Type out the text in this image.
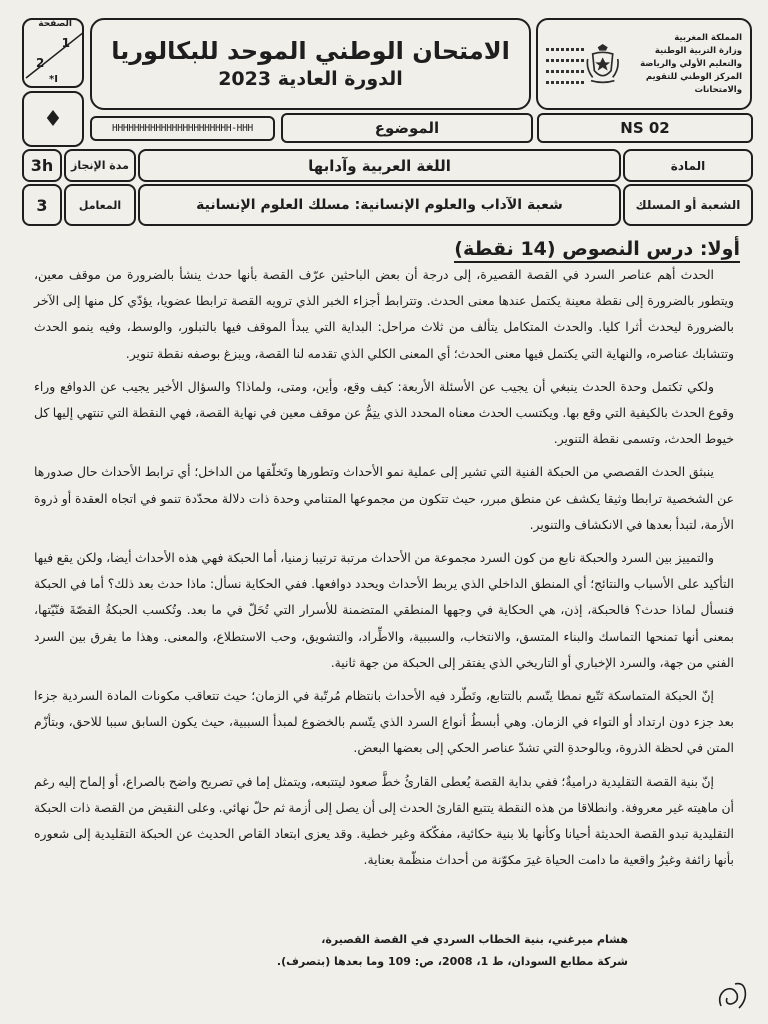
الصفحة
1
2
*I
♦
الامتحان الوطني الموحد للبكالوريا
الدورة العادية 2023
المملكة المغربية
وزارة التربية الوطنية
والتعليم الأولي والرياضة
المركز الوطني للتقويم والامتحانات
HHHHHHHHHHHHHHHHHHHHHH-HHH	الموضوع	NS 02
3h	مدة الإنجاز	اللغة العربية وآدابها	المادة
3	المعامل	شعبة الآداب والعلوم الإنسانية: مسلك العلوم الإنسانية	الشعبة أو المسلك
أولا: درس النصوص (14 نقطة)

الحدث أهم عناصر السرد في القصة القصيرة، إلى درجة أن بعض الباحثين عرّف القصة بأنها حدث ينشأ بالضرورة من موقف معين، ويتطور بالضرورة إلى نقطة معينة يكتمل عندها معنى الحدث. وتترابط أجزاء الخبر الذي ترويه القصة ترابطا عضويا، يؤدّي كل منها إلى الآخر بالضرورة ليحدث أثرا كليا. والحدث المتكامل يتألف من ثلاث مراحل: البداية التي يبدأ الموقف فيها بالتبلور، والوسط، وفيه ينمو الحدث وتتشابك عناصره، والنهاية التي يكتمل فيها معنى الحدث؛ أي المعنى الكلي الذي تقدمه لنا القصة، ويبزغ بوصفه نقطة تنوير.

ولكي تكتمل وحدة الحدث ينبغي أن يجيب عن الأسئلة الأربعة: كيف وقع، وأين، ومتى، ولماذا؟ والسؤال الأخير يجيب عن الدوافع وراء وقوع الحدث بالكيفية التي وقع بها. ويكتسب الحدث معناه المحدد الذي يتِمُّ عن موقف معين في نهاية القصة، فهي النقطة التي تنتهي إليها كل خيوط الحدث، وتسمى نقطة التنوير.

ينبثق الحدث القصصي من الحبكة الفنية التي تشير إلى عملية نمو الأحداث وتطورها وتَخلّقها من الداخل؛ أي ترابط الأحداث حال صدورها عن الشخصية ترابطا وثيقا يكشف عن منطق مبرر، حيث تتكون من مجموعها المتنامي وحدة ذات دلالة محدّدة تنمو في اتجاه العقدة أو ذروة الأزمة، لتبدأ بعدها في الانكشاف والتنوير.

والتمييز بين السرد والحبكة نابع من كون السرد مجموعة من الأحداث مرتبة ترتيبا زمنيا، أما الحبكة فهي هذه الأحداث أيضا، ولكن يقع فيها التأكيد على الأسباب والنتائج؛ أي المنطق الداخلي الذي يربط الأحداث ويحدد دوافعها. ففي الحكاية نسأل: ماذا حدث بعد ذلك؟ أما في الحبكة فنسأل لماذا حدث؟ فالحبكة، إذن، هي الحكاية في وجهها المنطقي المتضمنة للأسرار التي تُحَلّ في ما بعد. وتُكسب الحبكةُ القصّةَ فنّيّتها، بمعنى أنها تمنحها التماسك والبناء المتسق، والانتخاب، والسببية، والاطِّراد، والتشويق، وحب الاستطلاع، والمعنى. وهذا ما يفرق بين السرد الفني من جهة، والسرد الإخباري أو التاريخي الذي يفتقر إلى الحبكة من جهة ثانية.

إنّ الحبكة المتماسكة تَتّبع نمطا يتّسم بالتتابع، وتَطّرد فيه الأحداث بانتظام مُرتّبة في الزمان؛ حيث تتعاقب مكونات المادة السردية جزءا بعد جزء دون ارتداد أو التواء في الزمان. وهي أبسطُ أنواع السرد الذي يتّسم بالخضوع لمبدأ السببية، حيث يكون السابق سببا للاحق، وبتأزّم المتن في لحظة الذروة، وبالوحدةِ التي تشدّ عناصر الحكي إلى بعضها البعض.

إنّ بنية القصة التقليدية دراميةٌ؛ ففي بداية القصة يُعطى القارئُ خطَّ صعود ليتتبعه، ويتمثل إما في تصريح واضح بالصراع، أو إلماح إليه رغم أن ماهيته غير معروفة. وانطلاقا من هذه النقطة يتتبع القارئ الحدث إلى أن يصل إلى أزمة ثم حلّ نهائي. وعلى النقيض من القصة ذات الحبكة التقليدية تبدو القصة الحديثة أحيانا وكأنها بلا بنية حكائية، مفكّكة وغير خطية. وقد يعزى ابتعاد القاص الحديث عن الحبكة التقليدية إلى شعوره بأنها زائفة وغيرُ واقعية ما دامت الحياة غيرَ مكوّنة من أحداث منظّمة بعناية.

هشام ميرغني، بنية الخطاب السردي في القصة القصيرة،
شركة مطابع السودان، ط 1، 2008، ص: 109 وما بعدها (بتصرف).
